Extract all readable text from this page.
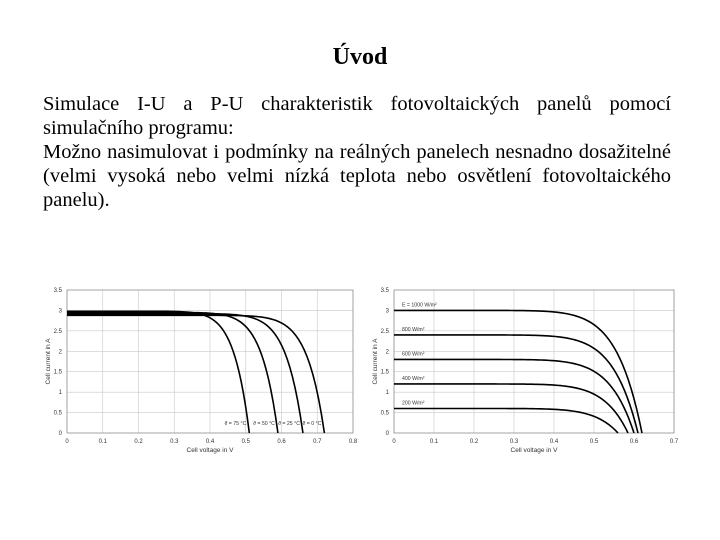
Úvod

Simulace I-U a P-U charakteristik fotovoltaických panelů pomocí simulačního programu:

Možno nasimulovat i podmínky na reálných panelech nesnadno dosažitelné (velmi vysoká nebo velmi nízká teplota nebo osvětlení fotovoltaického panelu).

0	0.1	0.2	0.3	0.4	0.5	0.6	0.7	0.8
0
0.5
1
1.5
2
2.5
3
3.5
Cell voltage in V
Cell current in A
ϑ = 75 °C ϑ = 50 °C ϑ = 25 °C ϑ = 0 °C
0	0.1	0.2	0.3	0.4	0.5	0.6	0.7
0
0.5
1
1.5
2
2.5
3
3.5
Cell voltage in V
Cell current in A
E = 1000 W/m²
800 W/m²
600 W/m²
400 W/m²
200 W/m²
